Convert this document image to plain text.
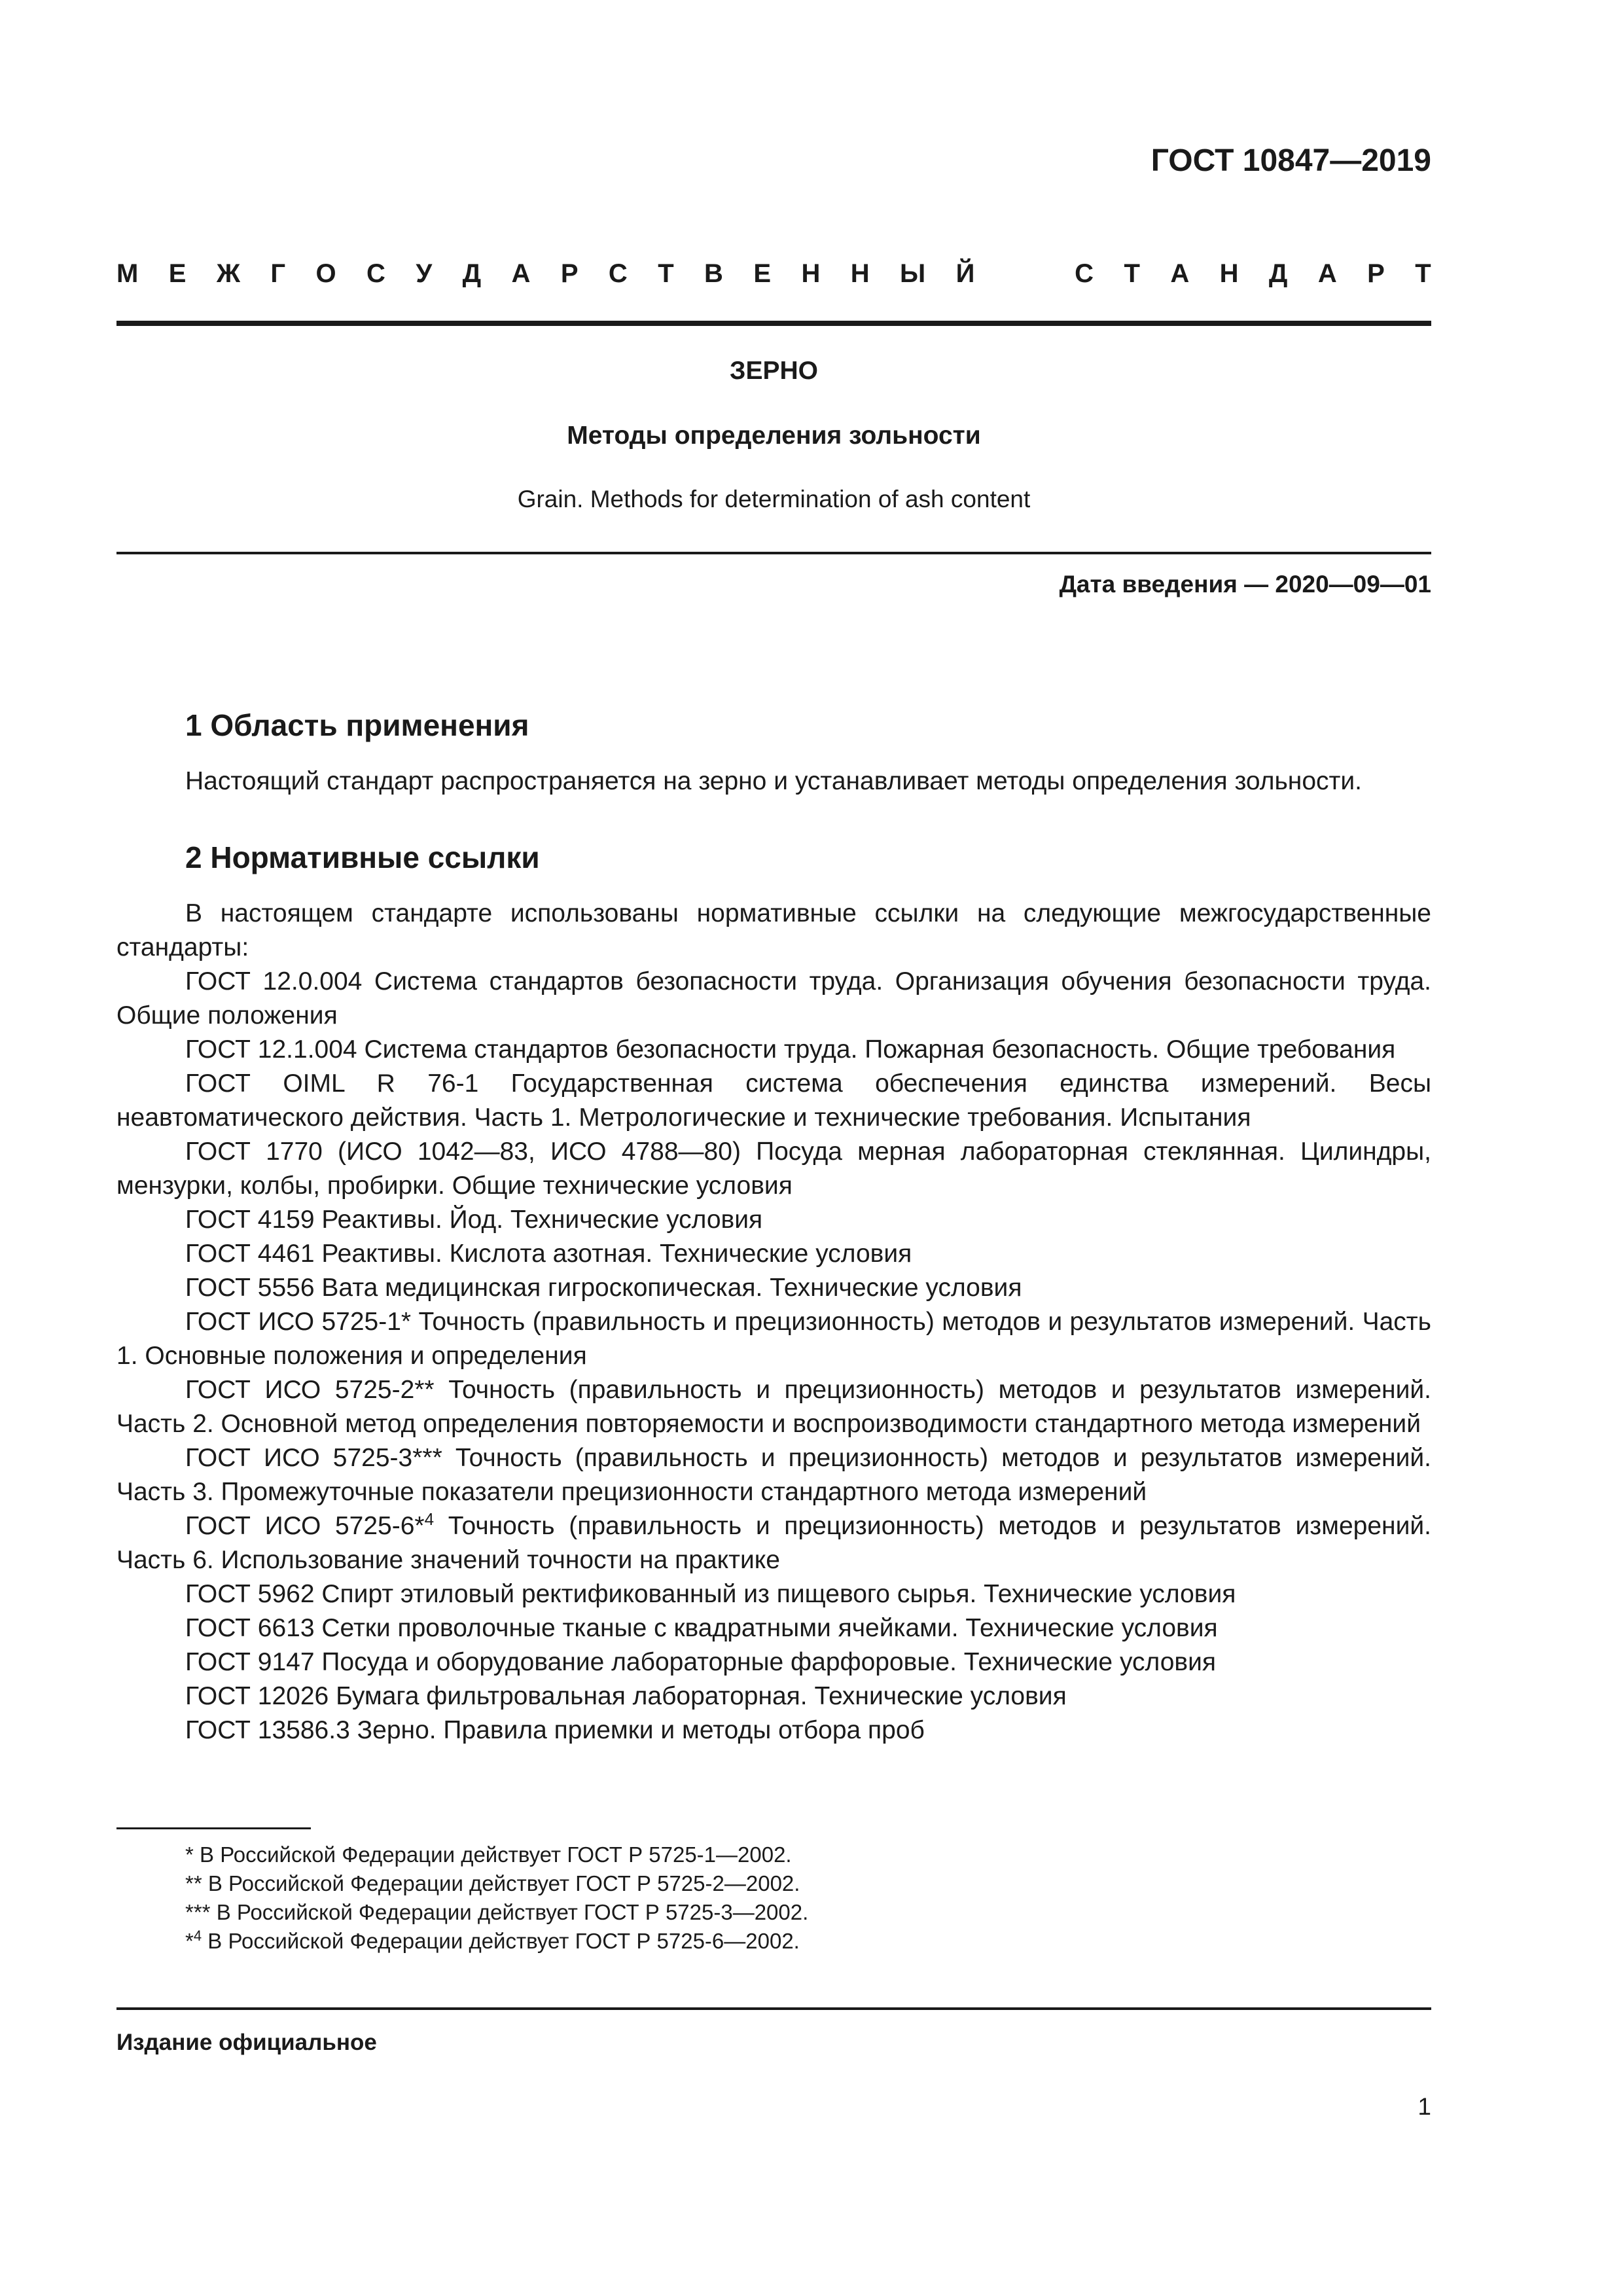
ГОСТ 10847—2019
М Е Ж Г О С У Д А Р С Т В Е Н Н Ы Й	С Т А Н Д А Р Т
ЗЕРНО
Методы определения зольности
Grain. Methods for determination of ash content
Дата введения — 2020—09—01
1 Область применения
Настоящий стандарт распространяется на зерно и устанавливает методы определения зольности.
2 Нормативные ссылки

В настоящем стандарте использованы нормативные ссылки на следующие межгосударственные стандарты:

ГОСТ 12.0.004 Система стандартов безопасности труда. Организация обучения безопасности труда. Общие положения

ГОСТ 12.1.004 Система стандартов безопасности труда. Пожарная безопасность. Общие требования

ГОСТ OIML R 76-1 Государственная система обеспечения единства измерений. Весы неавтоматического действия. Часть 1. Метрологические и технические требования. Испытания

ГОСТ 1770 (ИСО 1042—83, ИСО 4788—80) Посуда мерная лабораторная стеклянная. Цилиндры, мензурки, колбы, пробирки. Общие технические условия

ГОСТ 4159 Реактивы. Йод. Технические условия

ГОСТ 4461 Реактивы. Кислота азотная. Технические условия

ГОСТ 5556 Вата медицинская гигроскопическая. Технические условия

ГОСТ ИСО 5725-1* Точность (правильность и прецизионность) методов и результатов измерений. Часть 1. Основные положения и определения

ГОСТ ИСО 5725-2** Точность (правильность и прецизионность) методов и результатов измерений. Часть 2. Основной метод определения повторяемости и воспроизводимости стандартного метода измерений

ГОСТ ИСО 5725-3*** Точность (правильность и прецизионность) методов и результатов измерений. Часть 3. Промежуточные показатели прецизионности стандартного метода измерений

ГОСТ ИСО 5725-6*$^4$ Точность (правильность и прецизионность) методов и результатов измерений. Часть 6. Использование значений точности на практике

ГОСТ 5962 Спирт этиловый ректификованный из пищевого сырья. Технические условия

ГОСТ 6613 Сетки проволочные тканые с квадратными ячейками. Технические условия

ГОСТ 9147 Посуда и оборудование лабораторные фарфоровые. Технические условия

ГОСТ 12026 Бумага фильтровальная лабораторная. Технические условия

ГОСТ 13586.3 Зерно. Правила приемки и методы отбора проб

* В Российской Федерации действует ГОСТ Р 5725-1—2002.

** В Российской Федерации действует ГОСТ Р 5725-2—2002.

*** В Российской Федерации действует ГОСТ Р 5725-3—2002.

*$^4$ В Российской Федерации действует ГОСТ Р 5725-6—2002.

Издание официальное
1
